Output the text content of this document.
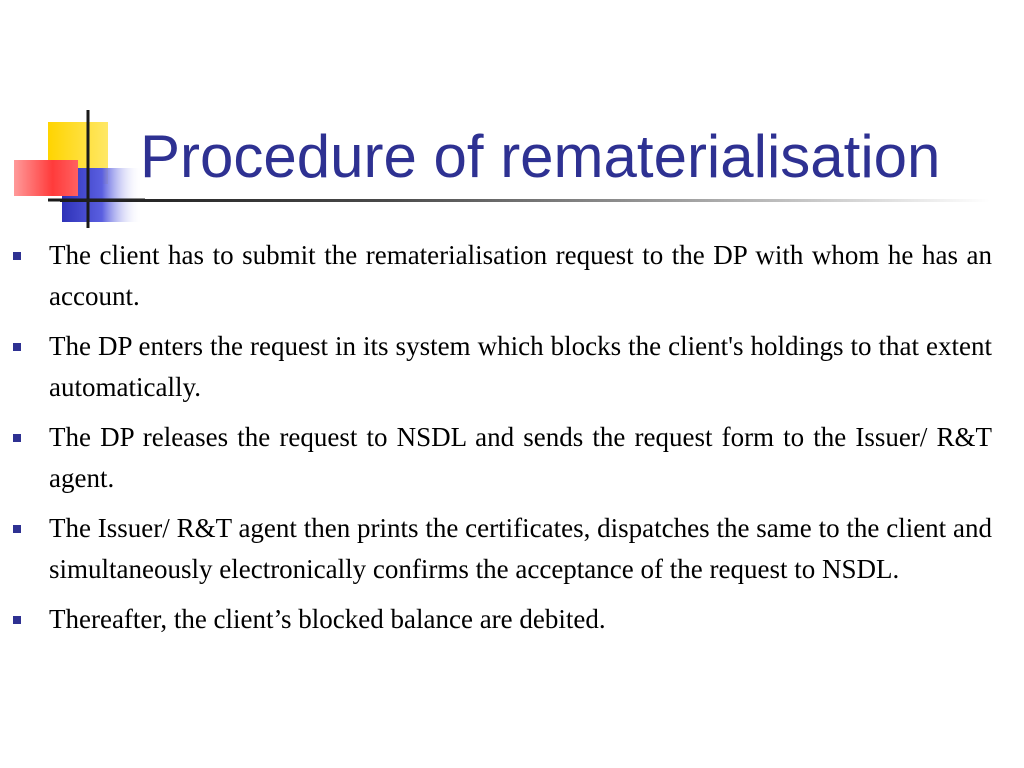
Procedure of rematerialisation
The client has to submit the rematerialisation request to the DP with whom he has an account.
The DP enters the request in its system which blocks the client's holdings to that extent automatically.
The DP releases the request to NSDL and sends the request form to the Issuer/ R&T agent.
The Issuer/ R&T agent then prints the certificates, dispatches the same to the client and simultaneously electronically confirms the acceptance of the request to NSDL.
Thereafter, the client’s blocked balance are debited.
